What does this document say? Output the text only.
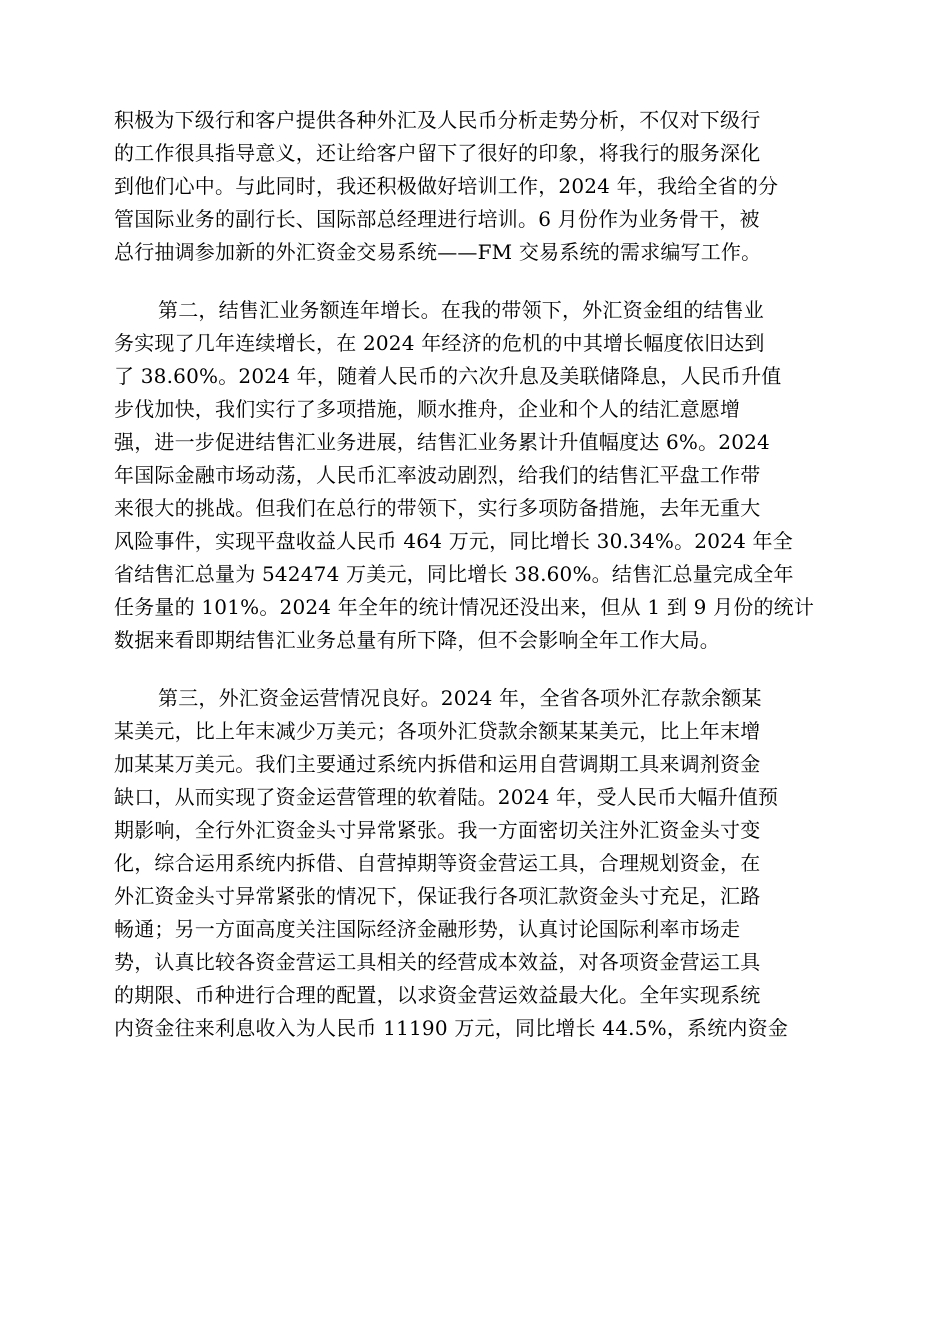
积极为下级行和客户提供各种外汇及人民币分析走势分析，不仅对下级行
的工作很具指导意义，还让给客户留下了很好的印象，将我行的服务深化
到他们心中。与此同时，我还积极做好培训工作，2024 年，我给全省的分
管国际业务的副行长、国际部总经理进行培训。6 月份作为业务骨干，被
总行抽调参加新的外汇资金交易系统——FM 交易系统的需求编写工作。
第二，结售汇业务额连年增长。在我的带领下，外汇资金组的结售业
务实现了几年连续增长，在 2024 年经济的危机的中其增长幅度依旧达到
了 38.60%。2024 年，随着人民币的六次升息及美联储降息，人民币升值
步伐加快，我们实行了多项措施，顺水推舟，企业和个人的结汇意愿增
强，进一步促进结售汇业务进展，结售汇业务累计升值幅度达 6%。2024
年国际金融市场动荡，人民币汇率波动剧烈，给我们的结售汇平盘工作带
来很大的挑战。但我们在总行的带领下，实行多项防备措施，去年无重大
风险事件，实现平盘收益人民币 464 万元，同比增长 30.34%。2024 年全
省结售汇总量为 542474 万美元，同比增长 38.60%。结售汇总量完成全年
任务量的 101%。2024 年全年的统计情况还没出来，但从 1 到 9 月份的统计
数据来看即期结售汇业务总量有所下降，但不会影响全年工作大局。
第三，外汇资金运营情况良好。2024 年，全省各项外汇存款余额某
某美元，比上年末减少万美元；各项外汇贷款余额某某美元，比上年末增
加某某万美元。我们主要通过系统内拆借和运用自营调期工具来调剂资金
缺口，从而实现了资金运营管理的软着陆。2024 年，受人民币大幅升值预
期影响，全行外汇资金头寸异常紧张。我一方面密切关注外汇资金头寸变
化，综合运用系统内拆借、自营掉期等资金营运工具，合理规划资金，在
外汇资金头寸异常紧张的情况下，保证我行各项汇款资金头寸充足，汇路
畅通；另一方面高度关注国际经济金融形势，认真讨论国际利率市场走
势，认真比较各资金营运工具相关的经营成本效益，对各项资金营运工具
的期限、币种进行合理的配置，以求资金营运效益最大化。全年实现系统
内资金往来利息收入为人民币 11190 万元，同比增长 44.5%，系统内资金
